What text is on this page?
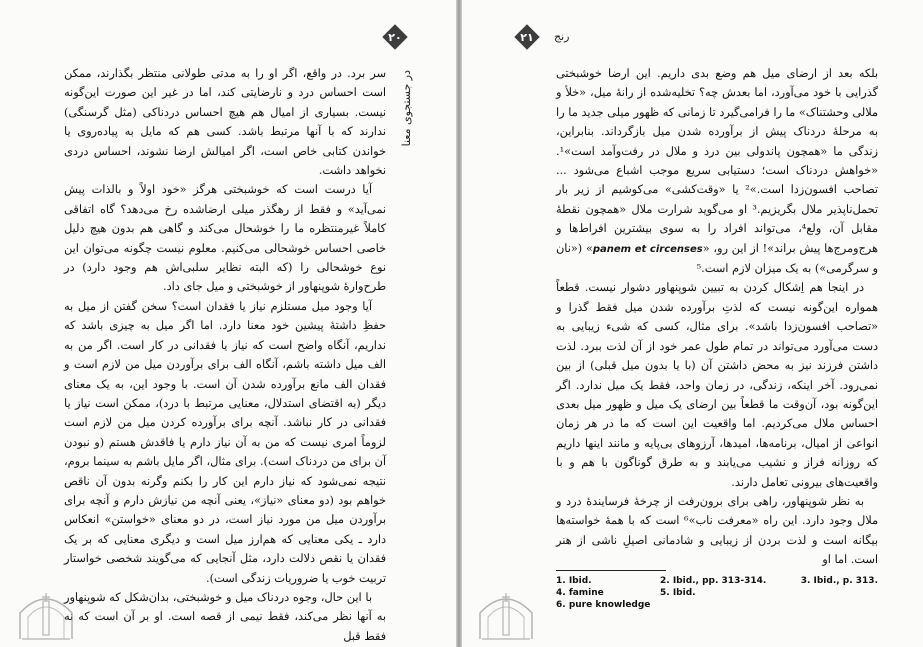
٢٠
در جستجوی معنا

سر برد. در واقع، اگر او را به مدتی طولانی منتظر بگذارند، ممکن است احساس درد و نارضایتی کند، اما در غیر این صورت این‌گونه نیست. بسیاری از امیال هم هیچ احساس دردناکی (مثل گرسنگی) ندارند که با آنها مرتبط باشد. کسی هم که مایل به پیاده‌روی یا خواندن کتابی خاص است، اگر امیالش ارضا نشوند، احساس دردی نخواهد داشت.

آیا درست است که خوشبختی هرگز «خود اولاً و بالذات پیش نمی‌آید» و فقط از رهگذر میلی ارضاشده رخ می‌دهد؟ گاه اتفاقی کاملاً غیرمنتظره ما را خوشحال می‌کند و گاهی هم بدون هیچ دلیل خاصی احساس خوشحالی می‌کنیم. معلوم نیست چگونه می‌توان این نوع خوشحالی را (که البته نظایر سلبی‌اش هم وجود دارد) در طرح‌وارهٔ شوپنهاور از خوشبختی و میل جای داد.

آیا وجود میل مستلزم نیاز یا فقدان است؟ سخن گفتن از میل به حفظِ داشتهٔ پیشین خود معنا دارد. اما اگر میل به چیزی باشد که نداریم، آنگاه واضح است که نیاز یا فقدانی در کار است. اگر من به الف میل داشته باشم، آنگاه الف برای برآوردن میل من لازم است و فقدان الف مانع برآورده شدن آن است. با وجود این، به یک معنای دیگر (به اقتضای استدلال، معنایی مرتبط با درد)، ممکن است نیاز یا فقدانی در کار نباشد. آنچه برای برآورده کردن میل من لازم است لزوماً امری نیست که من به آن نیاز دارم یا فاقدش هستم (و نبودن آن برای من دردناک است). برای مثال، اگر مایل باشم به سینما بروم، نتیجه نمی‌شود که نیاز دارم این کار را بکنم وگرنه بدون آن ناقص خواهم بود (دو معنای «نیاز»، یعنی آنچه من نیازش دارم و آنچه برای برآوردن میل من مورد نیاز است، در دو معنای «خواستن» انعکاس دارد ـ یکی معنایی که هم‌ارز میل است و دیگری معنایی که بر یک فقدان یا نقص دلالت دارد، مثل آنجایی که می‌گویند شخصی خواستار تربیت خوب یا ضروریات زندگی است).

با این حال، وجوه دردناک میل و خوشبختی، بدان‌شکل که شوپنهاور به آنها نظر می‌کند، فقط نیمی از قصه است. او بر آن است که نه فقط قبل

٢١ رنج

بلکه بعد از ارضای میل هم وضع بدی داریم. این ارضا خوشبختی گذرایی با خود می‌آورد، اما بعدش چه؟ تخلیه‌شده از رانهٔ میل، «خلأ و ملالی وحشتناک» ما را فرامی‌گیرد تا زمانی که ظهور میلی جدید ما را به مرحلهٔ دردناک پیش از برآورده شدن میل بازگرداند. بنابراین، زندگی ما «همچون پاندولی بین درد و ملال در رفت‌وآمد است»¹. «خواهش دردناک است؛ دستیابی سریع موجب اشباع می‌شود ... تصاحب افسون‌زدا است.»² یا «وقت‌کشی» می‌کوشیم از زیر بار تحمل‌ناپذیر ملال بگریزیم.³ او می‌گوید شرارت ملال «همچون نقطهٔ مقابل آن، ولع⁴، می‌تواند افراد را به سوی بیشترین افراط‌ها و هرج‌ومرج‌ها پیش براند»! از این رو، «panem et circenses» («نان و سرگرمی») به یک میزان لازم است.⁵

در اینجا هم اِشکال کردن به تبیین شوپنهاور دشوار نیست. قطعاً همواره این‌گونه نیست که لذتِ برآورده شدن میل فقط گذرا و «تصاحب افسون‌زدا باشد». برای مثال، کسی که شیء زیبایی به دست می‌آورد می‌تواند در تمام طول عمر خود از آن لذت ببرد. لذت داشتن فرزند نیز به محض داشتن آن (با یا بدون میل قبلی) از بین نمی‌رود. آخر اینکه، زندگی، در زمان واحد، فقط یک میل ندارد. اگر این‌گونه بود، آن‌وقت ما قطعاً بین ارضای یک میل و ظهور میل بعدی احساس ملال می‌کردیم. اما واقعیت این است که ما در هر زمان انواعی از امیال، برنامه‌ها، امیدها، آرزوهای بی‌پایه و مانند اینها داریم که روزانه فراز و نشیب می‌یابند و به طرق گوناگون با هم و با واقعیت‌های بیرونی تعامل دارند.

به نظر شوپنهاور، راهی برای برون‌رفت از چرخهٔ فرسایندهٔ درد و ملال وجود دارد. این راه «معرفت ناب»⁶ است که با همهٔ خواسته‌ها بیگانه است و لذت بردن از زیبایی و شادمانی اصیلِ ناشی از هنر است. اما او

1. Ibid.	2. Ibid., pp. 313-314.	3. Ibid., p. 313.
4. famine	5. Ibid.
6. pure knowledge
